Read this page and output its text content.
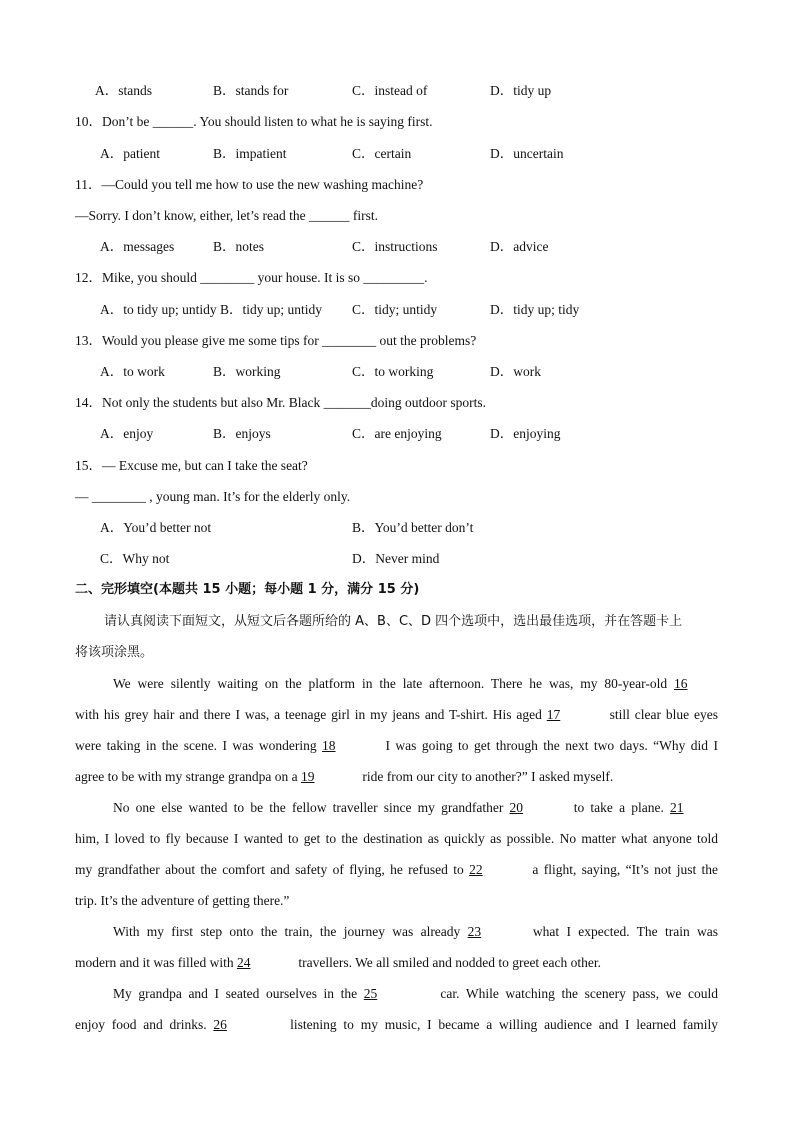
A．stands	B．stands for	C．instead of	D．tidy up
10．Don’t be ______. You should listen to what he is saying first.
A．patient	B．impatient	C．certain	D．uncertain
11．—Could you tell me how to use the new washing machine?
—Sorry. I don’t know, either, let’s read the ______ first.
A．messages	B．notes	C．instructions	D．advice
12．Mike, you should ________ your house. It is so _________.
A．to tidy up; untidy B．tidy up; untidy C．tidy; untidy	D．tidy up; tidy
13．Would you please give me some tips for ________ out the problems?
A．to work	B．working	C．to working	D．work
14．Not only the students but also Mr. Black _______doing outdoor sports.
A．enjoy	B．enjoys	C．are enjoying	D．enjoying
15．— Excuse me, but can I take the seat?
— ________ , young man. It’s for the elderly only.
A．You’d better not	B．You’d better don’t
C．Why not	D．Never mind
二、完形填空(本题共 15 小题；每小题 1 分，满分 15 分)
请认真阅读下面短文，从短文后各题所给的 A、B、C、D 四个选项中，选出最佳选项，并在答题卡上
将该项涂黑。
We were silently waiting on the platform in the late afternoon. There he was, my 80-year-old 16
with his grey hair and there I was, a teenage girl in my jeans and T-shirt. His aged 17	still clear blue eyes
were taking in the scene. I was wondering 18	I was going to get through the next two days. “Why did I
agree to be with my strange grandpa on a 19	ride from our city to another?” I asked myself.
No one else wanted to be the fellow traveller since my grandfather 20	to take a plane. 21
him, I loved to fly because I wanted to get to the destination as quickly as possible. No matter what anyone told
my grandfather about the comfort and safety of flying, he refused to 22	a flight, saying, “It’s not just the
trip. It’s the adventure of getting there.”
With my first step onto the train, the journey was already 23	what I expected. The train was
modern and it was filled with 24	travellers. We all smiled and nodded to greet each other.
My grandpa and I seated ourselves in the 25	car. While watching the scenery pass, we could
enjoy food and drinks. 26	listening to my music, I became a willing audience and I learned family
